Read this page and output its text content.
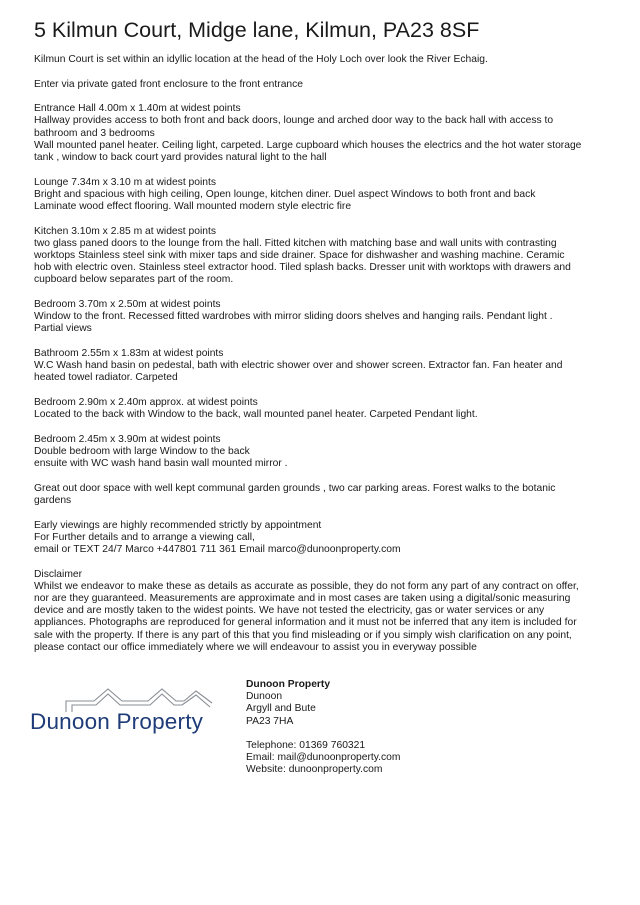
5 Kilmun Court, Midge lane, Kilmun, PA23 8SF
Kilmun Court is set within an idyllic location at the head of the Holy Loch over look the River Echaig.
Enter via private gated front enclosure to the front entrance
Entrance Hall 4.00m x 1.40m at widest points
Hallway provides access to both front and back doors, lounge and arched door way to the back hall with access to
bathroom and 3 bedrooms
Wall mounted panel heater. Ceiling light, carpeted. Large cupboard which houses the electrics and the hot water storage
tank , window to back court yard provides natural light to the hall
Lounge 7.34m x 3.10 m at widest points
Bright and spacious with high ceiling, Open lounge, kitchen diner. Duel aspect Windows to both front and back
Laminate wood effect flooring. Wall mounted modern style electric fire
Kitchen 3.10m x 2.85 m at widest points
two glass paned doors to the lounge from the hall. Fitted kitchen with matching base and wall units with contrasting
worktops Stainless steel sink with mixer taps and side drainer. Space for dishwasher and washing machine. Ceramic
hob with electric oven. Stainless steel extractor hood. Tiled splash backs. Dresser unit with worktops with drawers and
cupboard below separates part of the room.
Bedroom 3.70m x 2.50m at widest points
Window to the front. Recessed fitted wardrobes with mirror sliding doors shelves and hanging rails. Pendant light .
Partial views
Bathroom 2.55m x 1.83m at widest points
W.C Wash hand basin on pedestal, bath with electric shower over and shower screen. Extractor fan. Fan heater and
heated towel radiator. Carpeted
Bedroom 2.90m x 2.40m approx. at widest points
Located to the back with Window to the back, wall mounted panel heater. Carpeted Pendant light.
Bedroom 2.45m x 3.90m at widest points
Double bedroom with large Window to the back
ensuite with WC wash hand basin wall mounted mirror .
Great out door space with well kept communal garden grounds , two car parking areas. Forest walks to the botanic
gardens
Early viewings are highly recommended strictly by appointment
For Further details and to arrange a viewing call,
email or TEXT 24/7 Marco +447801 711 361 Email marco@dunoonproperty.com
Disclaimer
Whilst we endeavor to make these as details as accurate as possible, they do not form any part of any contract on offer,
nor are they guaranteed. Measurements are approximate and in most cases are taken using a digital/sonic measuring
device and are mostly taken to the widest points. We have not tested the electricity, gas or water services or any
appliances. Photographs are reproduced for general information and it must not be inferred that any item is included for
sale with the property. If there is any part of this that you find misleading or if you simply wish clarification on any point,
please contact our office immediately where we will endeavour to assist you in everyway possible
Dunoon Property
Dunoon Property
Dunoon
Argyll and Bute
PA23 7HA
Telephone: 01369 760321
Email: mail@dunoonproperty.com
Website: dunoonproperty.com
